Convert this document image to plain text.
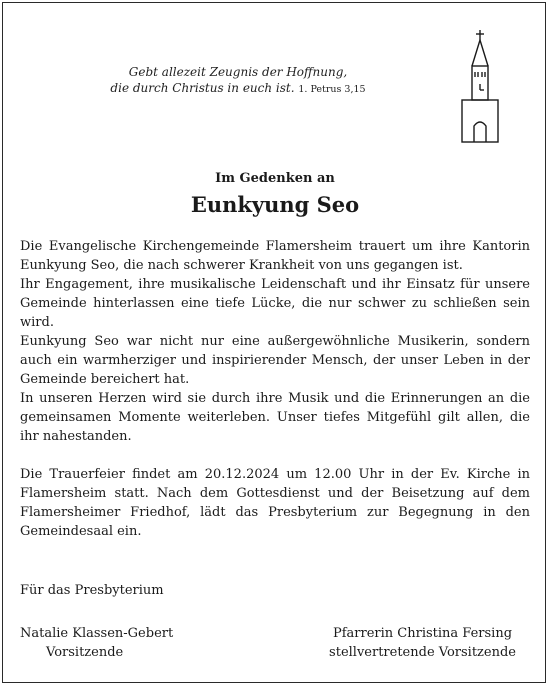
Gebt allezeit Zeugnis der Hoffnung,
die durch Christus in euch ist. 1. Petrus 3,15
Im Gedenken an
Eunkyung Seo

Die Evangelische Kirchengemeinde Flamersheim trauert um ihre Kantorin Eunkyung Seo, die nach schwerer Krankheit von uns gegangen ist.

Ihr Engagement, ihre musikalische Leidenschaft und ihr Einsatz für unsere Gemeinde hinterlassen eine tiefe Lücke, die nur schwer zu schließen sein wird.

Eunkyung Seo war nicht nur eine außergewöhnliche Musikerin, sondern auch ein warmherziger und inspirierender Mensch, der unser Leben in der Gemeinde bereichert hat.

In unseren Herzen wird sie durch ihre Musik und die Erinnerungen an die gemeinsamen Momente weiterleben. Unser tiefes Mitgefühl gilt allen, die ihr nahestanden.

Die Trauerfeier findet am 20.12.2024 um 12.00 Uhr in der Ev. Kirche in Flamersheim statt. Nach dem Gottesdienst und der Beisetzung auf dem Flamersheimer Friedhof, lädt das Presbyterium zur Begegnung in den Gemeindesaal ein.

Für das Presbyterium
Natalie Klassen-Gebert
Vorsitzende
Pfarrerin Christina Fersing
stellvertretende Vorsitzende
